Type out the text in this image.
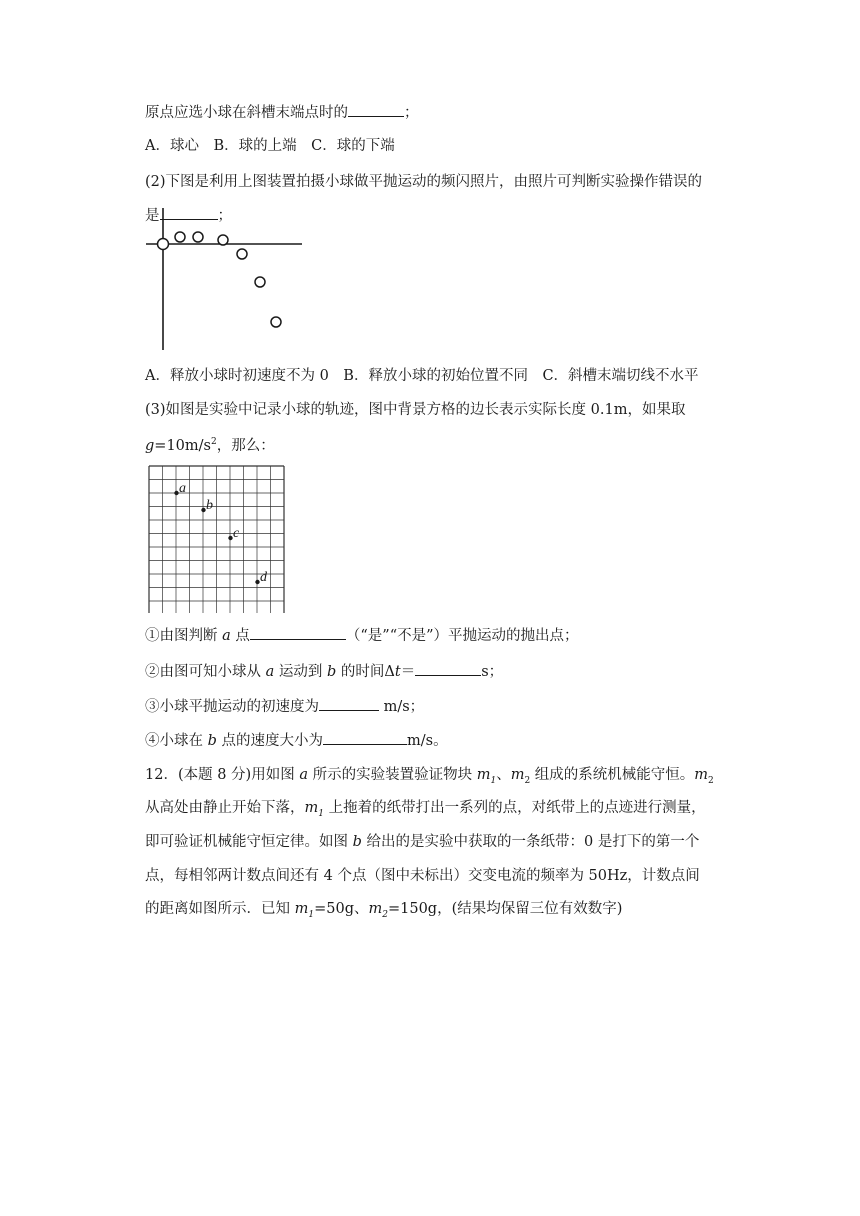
原点应选小球在斜槽末端点时的	；
A．球心　B．球的上端　C．球的下端
(2)下图是利用上图装置拍摄小球做平抛运动的频闪照片，由照片可判断实验操作错误的
是	；
A．释放小球时初速度不为 0　B．释放小球的初始位置不同　C．斜槽末端切线不水平
(3)如图是实验中记录小球的轨迹，图中背景方格的边长表示实际长度 0.1m，如果取
$g=10m/s^2$，那么：
a
b
c
d
①由图判断 a 点	（“是”“不是”）平抛运动的抛出点；
②由图可知小球从 a 运动到 b 的时间Δt＝	s；
③小球平抛运动的初速度为	m/s；
④小球在 b 点的速度大小为	m/s。
12．(本题 8 分)用如图 a 所示的实验装置验证物块 $m_1$、$m_2$ 组成的系统机械能守恒。$m_2$
从高处由静止开始下落，$m_1$ 上拖着的纸带打出一系列的点，对纸带上的点迹进行测量，
即可验证机械能守恒定律。如图 b 给出的是实验中获取的一条纸带：0 是打下的第一个
点，每相邻两计数点间还有 4 个点（图中未标出）交变电流的频率为 50Hz，计数点间
的距离如图所示．已知 $m_1=50g$、$m_2=150g$，(结果均保留三位有效数字)
